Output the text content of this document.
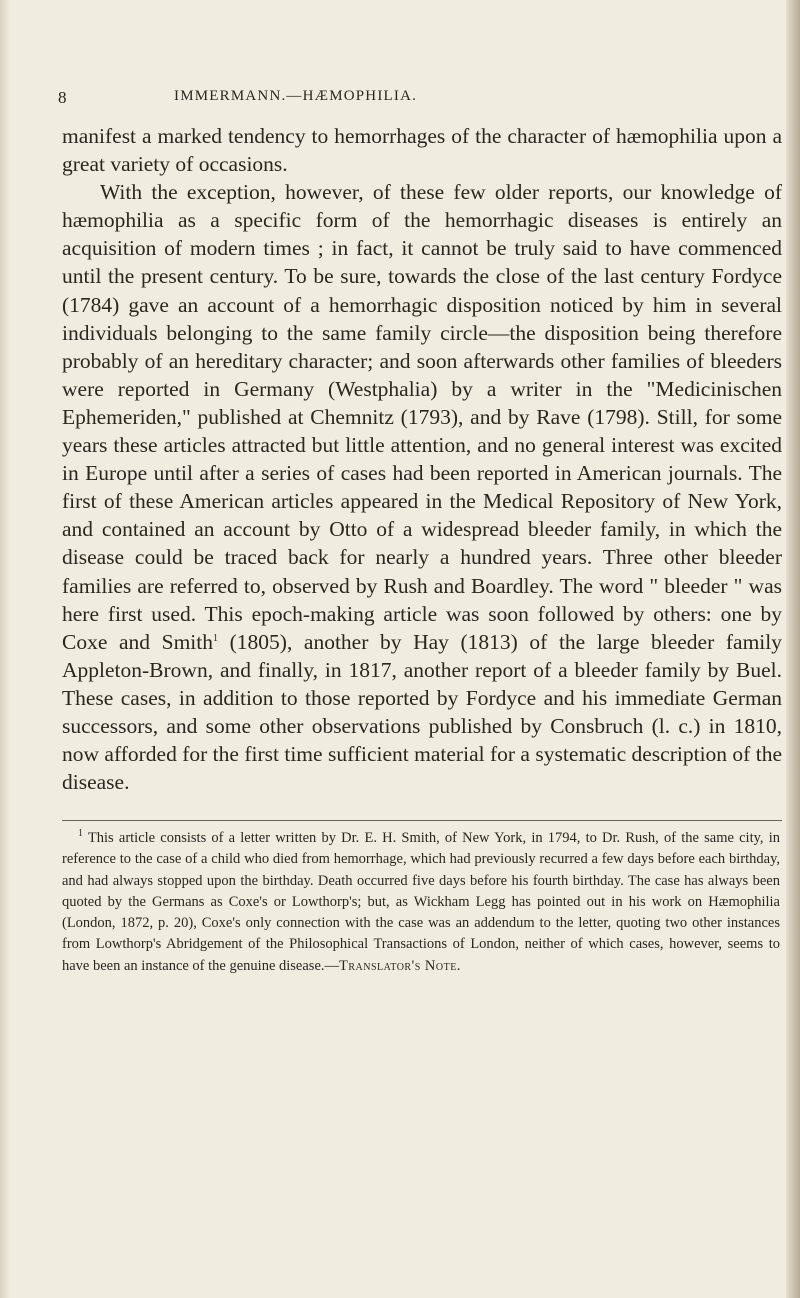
8	IMMERMANN.—HÆMOPHILIA.

manifest a marked tendency to hemorrhages of the character of hæmophilia upon a great variety of occasions.

With the exception, however, of these few older reports, our knowledge of hæmophilia as a specific form of the hemorrhagic diseases is entirely an acquisition of modern times ; in fact, it cannot be truly said to have commenced until the present century. To be sure, towards the close of the last century Fordyce (1784) gave an account of a hemorrhagic disposition noticed by him in several individuals belonging to the same family circle—the disposition being therefore probably of an hereditary character; and soon afterwards other families of bleeders were reported in Germany (Westphalia) by a writer in the "Medicinischen Ephemeriden," published at Chemnitz (1793), and by Rave (1798). Still, for some years these articles attracted but little attention, and no general interest was excited in Europe until after a series of cases had been reported in American journals. The first of these American articles appeared in the Medical Repository of New York, and contained an account by Otto of a widespread bleeder family, in which the disease could be traced back for nearly a hundred years. Three other bleeder families are referred to, observed by Rush and Boardley. The word " bleeder " was here first used. This epoch-making article was soon followed by others: one by Coxe and Smith$^1$ (1805), another by Hay (1813) of the large bleeder family Appleton-Brown, and finally, in 1817, another report of a bleeder family by Buel. These cases, in addition to those reported by Fordyce and his immediate German successors, and some other observations published by Consbruch (l. c.) in 1810, now afforded for the first time sufficient material for a systematic description of the disease.

$^1$ This article consists of a letter written by Dr. E. H. Smith, of New York, in 1794, to Dr. Rush, of the same city, in reference to the case of a child who died from hemorrhage, which had previously recurred a few days before each birthday, and had always stopped upon the birthday. Death occurred five days before his fourth birthday. The case has always been quoted by the Germans as Coxe's or Lowthorp's; but, as Wickham Legg has pointed out in his work on Hæmophilia (London, 1872, p. 20), Coxe's only connection with the case was an addendum to the letter, quoting two other instances from Lowthorp's Abridgement of the Philosophical Transactions of London, neither of which cases, however, seems to have been an instance of the genuine disease.—Translator's Note.
